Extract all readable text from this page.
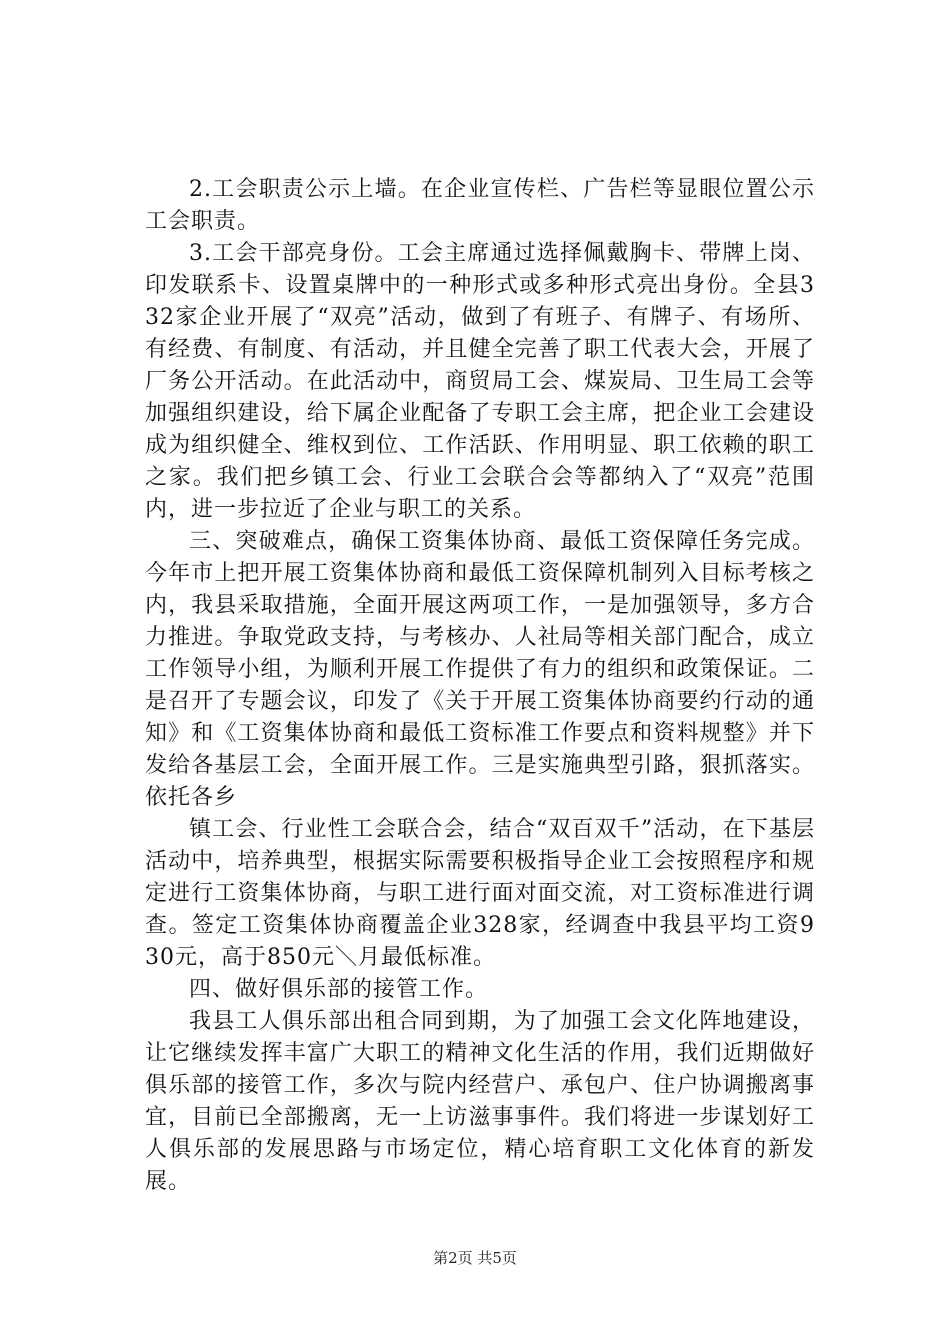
2.工会职责公示上墙。在企业宣传栏、广告栏等显眼位置公示工会职责。

3.工会干部亮身份。工会主席通过选择佩戴胸卡、带牌上岗、印发联系卡、设置桌牌中的一种形式或多种形式亮出身份。全县332家企业开展了“双亮”活动，做到了有班子、有牌子、有场所、有经费、有制度、有活动，并且健全完善了职工代表大会，开展了厂务公开活动。在此活动中，商贸局工会、煤炭局、卫生局工会等加强组织建设，给下属企业配备了专职工会主席，把企业工会建设成为组织健全、维权到位、工作活跃、作用明显、职工依赖的职工之家。我们把乡镇工会、行业工会联合会等都纳入了“双亮”范围内，进一步拉近了企业与职工的关系。

三、突破难点，确保工资集体协商、最低工资保障任务完成。今年市上把开展工资集体协商和最低工资保障机制列入目标考核之内，我县采取措施，全面开展这两项工作，一是加强领导，多方合力推进。争取党政支持，与考核办、人社局等相关部门配合，成立工作领导小组，为顺利开展工作提供了有力的组织和政策保证。二是召开了专题会议，印发了《关于开展工资集体协商要约行动的通知》和《工资集体协商和最低工资标准工作要点和资料规整》并下发给各基层工会，全面开展工作。三是实施典型引路，狠抓落实。依托各乡

镇工会、行业性工会联合会，结合“双百双千”活动，在下基层活动中，培养典型，根据实际需要积极指导企业工会按照程序和规定进行工资集体协商，与职工进行面对面交流，对工资标准进行调查。签定工资集体协商覆盖企业328家，经调查中我县平均工资930元，高于850元＼月最低标准。

四、做好俱乐部的接管工作。

我县工人俱乐部出租合同到期，为了加强工会文化阵地建设，让它继续发挥丰富广大职工的精神文化生活的作用，我们近期做好俱乐部的接管工作，多次与院内经营户、承包户、住户协调搬离事宜，目前已全部搬离，无一上访滋事事件。我们将进一步谋划好工人俱乐部的发展思路与市场定位，精心培育职工文化体育的新发展。

第2页 共5页
